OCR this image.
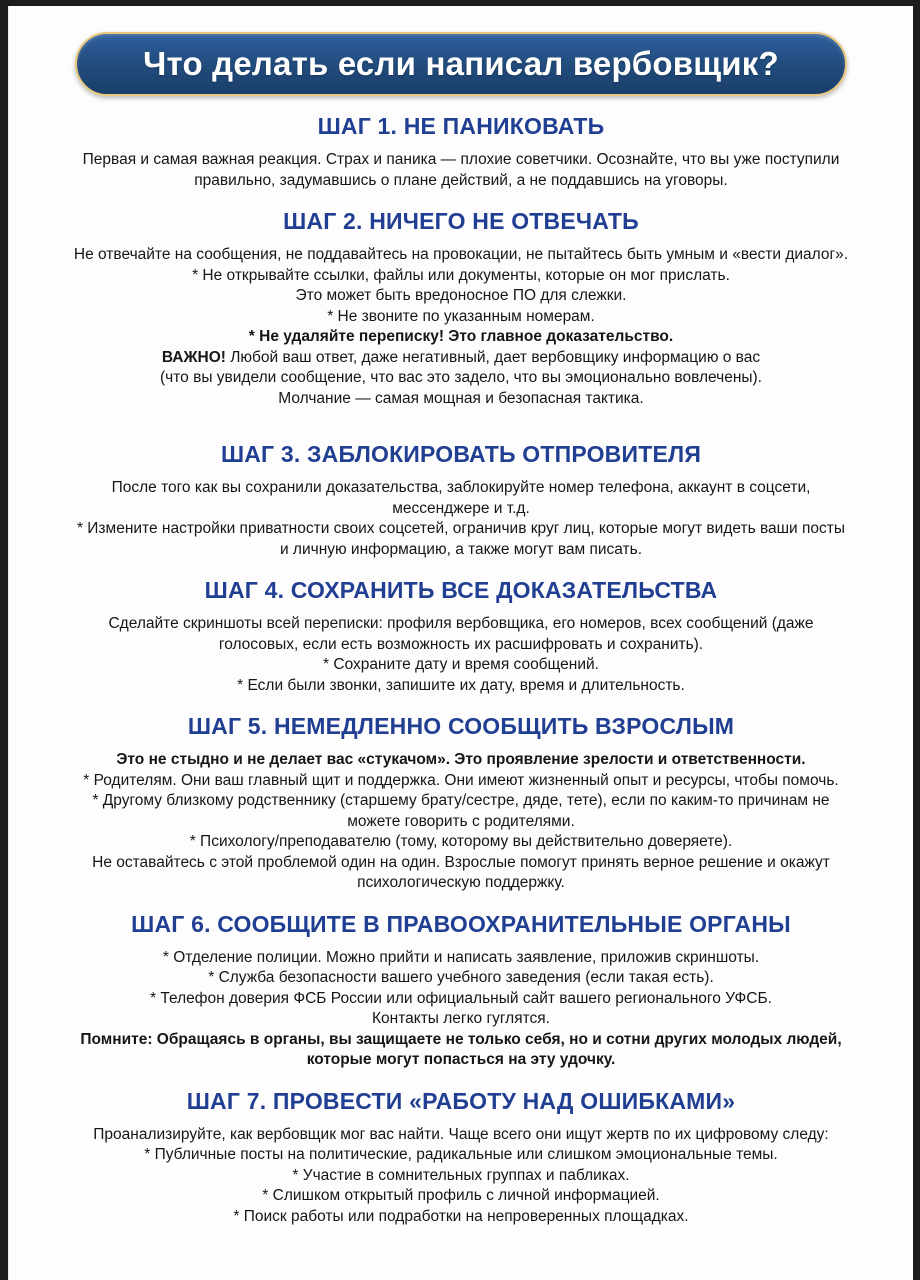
Что делать если написал вербовщик?
ШАГ 1. НЕ ПАНИКОВАТЬ

Первая и самая важная реакция. Страх и паника — плохие советчики. Осознайте, что вы уже поступили правильно, задумавшись о плане действий, а не поддавшись на уговоры.

ШАГ 2. НИЧЕГО НЕ ОТВЕЧАТЬ

Не отвечайте на сообщения, не поддавайтесь на провокации, не пытайтесь быть умным и «вести диалог».

* Не открывайте ссылки, файлы или документы, которые он мог прислать.

Это может быть вредоносное ПО для слежки.

* Не звоните по указанным номерам.

* Не удаляйте переписку! Это главное доказательство.

ВАЖНО! Любой ваш ответ, даже негативный, дает вербовщику информацию о вас

(что вы увидели сообщение, что вас это задело, что вы эмоционально вовлечены).

Молчание — самая мощная и безопасная тактика.

ШАГ 3. ЗАБЛОКИРОВАТЬ ОТПРОВИТЕЛЯ

После того как вы сохранили доказательства, заблокируйте номер телефона, аккаунт в соцсети, мессенджере и т.д.

* Измените настройки приватности своих соцсетей, ограничив круг лиц, которые могут видеть ваши посты и личную информацию, а также могут вам писать.

ШАГ 4. СОХРАНИТЬ ВСЕ ДОКАЗАТЕЛЬСТВА

Сделайте скриншоты всей переписки: профиля вербовщика, его номеров, всех сообщений (даже голосовых, если есть возможность их расшифровать и сохранить).

* Сохраните дату и время сообщений.

* Если были звонки, запишите их дату, время и длительность.

ШАГ 5. НЕМЕДЛЕННО СООБЩИТЬ ВЗРОСЛЫМ

Это не стыдно и не делает вас «стукачом». Это проявление зрелости и ответственности.

* Родителям. Они ваш главный щит и поддержка. Они имеют жизненный опыт и ресурсы, чтобы помочь.

* Другому близкому родственнику (старшему брату/сестре, дяде, тете), если по каким-то причинам не можете говорить с родителями.

* Психологу/преподавателю (тому, которому вы действительно доверяете).

Не оставайтесь с этой проблемой один на один. Взрослые помогут принять верное решение и окажут психологическую поддержку.

ШАГ 6. СООБЩИТЕ В ПРАВООХРАНИТЕЛЬНЫЕ ОРГАНЫ

* Отделение полиции. Можно прийти и написать заявление, приложив скриншоты.

* Служба безопасности вашего учебного заведения (если такая есть).

* Телефон доверия ФСБ России или официальный сайт вашего регионального УФСБ.

Контакты легко гуглятся.

Помните: Обращаясь в органы, вы защищаете не только себя, но и сотни других молодых людей, которые могут попасться на эту удочку.

ШАГ 7. ПРОВЕСТИ «РАБОТУ НАД ОШИБКАМИ»

Проанализируйте, как вербовщик мог вас найти. Чаще всего они ищут жертв по их цифровому следу:

* Публичные посты на политические, радикальные или слишком эмоциональные темы.

* Участие в сомнительных группах и пабликах.

* Слишком открытый профиль с личной информацией.

* Поиск работы или подработки на непроверенных площадках.
